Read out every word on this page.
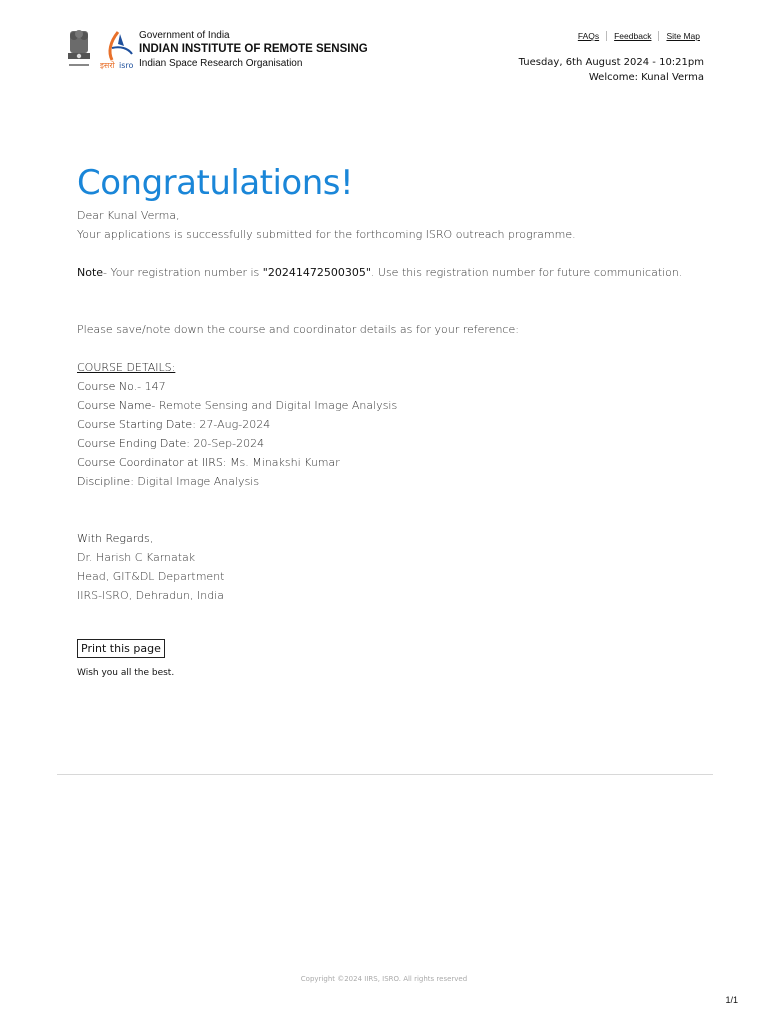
इसरो isro
Government of India
INDIAN INSTITUTE OF REMOTE SENSING
Indian Space Research Organisation
FAQs	Feedback	Site Map
Tuesday, 6th August 2024 - 10:21pm
Welcome: Kunal Verma
Congratulations!

Dear Kunal Verma,

Your applications is successfully submitted for the forthcoming ISRO outreach programme.

Note- Your registration number is "20241472500305". Use this registration number for future communication.

Please save/note down the course and coordinator details as for your reference:

COURSE DETAILS:

Course No.- 147

Course Name- Remote Sensing and Digital Image Analysis

Course Starting Date: 27-Aug-2024

Course Ending Date: 20-Sep-2024

Course Coordinator at IIRS: Ms. Minakshi Kumar

Discipline: Digital Image Analysis

With Regards,

Dr. Harish C Karnatak

Head, GIT&DL Department

IIRS-ISRO, Dehradun, India

Print this page
Wish you all the best.
Copyright ©2024 IIRS, ISRO. All rights reserved
1/1
